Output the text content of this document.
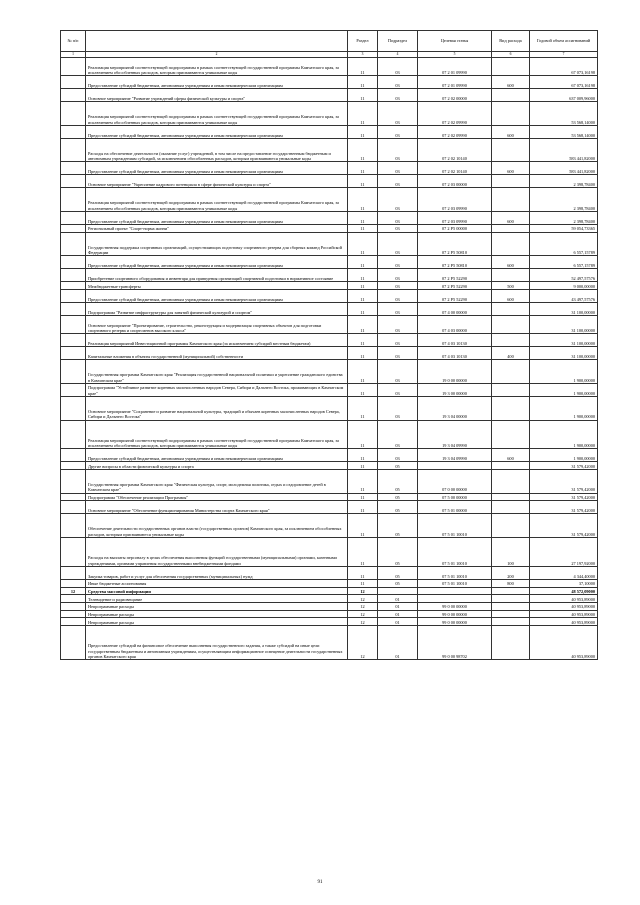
№ п/п		Раздел	Подраздел	Целевая статья	Вид расхода	Годовой объем ассигнований
1	2	3	4	5	6	7
	Реализация мероприятий соответствующей подпрограммы в рамках соответствующей государственной программы Камчатского края, за исключением обособленных расходов, которым присваиваются уникальные коды	11	03	07 2 01 09990		67 073,16198
	Предоставление субсидий бюджетным, автономным учреждениям и иным некоммерческим организациям	11	03	07 2 01 09990	600	67 073,16198
	Основное мероприятие "Развитие учреждений сферы физической культуры и спорта"	11	03	07 2 02 00000		637 009,96000
	Реализация мероприятий соответствующей подпрограммы в рамках соответствующей государственной программы Камчатского края, за исключением обособленных расходов, которым присваиваются уникальные коды	11	03	07 2 02 09990		53 568,14000
	Предоставление субсидий бюджетным, автономным учреждениям и иным некоммерческим организациям	11	03	07 2 02 09990	600	53 568,14000
	Расходы на обеспечение деятельности (оказание услуг) учреждений, в том числе на предоставление государственным бюджетным и автономным учреждениям субсидий, за исключением обособленных расходов, которым присваиваются уникальные коды	11	03	07 2 02 10140		583 441,82000
	Предоставление субсидий бюджетным, автономным учреждениям и иным некоммерческим организациям	11	03	07 2 02 10140	600	583 441,82000
	Основное мероприятие "Укрепление кадрового потенциала в сфере физической культуры и спорта"	11	03	07 2 03 00000		2 398,78400
	Реализация мероприятий соответствующей подпрограммы в рамках соответствующей государственной программы Камчатского края, за исключением обособленных расходов, которым присваиваются уникальные коды	11	03	07 2 03 09990		2 398,78400
	Предоставление субсидий бюджетным, автономным учреждениям и иным некоммерческим организациям	11	03	07 2 03 09990	600	2 398,78400
	Региональный проект "Спорт-норма жизни"	11	03	07 2 P5 00000		59 054,73365
	Государственная поддержка спортивных организаций, осуществляющих подготовку спортивного резерва для сборных команд Российской Федерации	11	03	07 2 P5 50810		6 557,15789
	Предоставление субсидий бюджетным, автономным учреждениям и иным некоммерческим организациям	11	03	07 2 P5 50810	600	6 557,15789
	Приобретение спортивного оборудования и инвентаря для приведения организаций спортивной подготовки в нормативное состояние	11	03	07 2 P5 52290		52 497,57576
	Межбюджетные трансферты	11	03	07 2 P5 52290	500	9 000,00000
	Предоставление субсидий бюджетным, автономным учреждениям и иным некоммерческим организациям	11	03	07 2 P5 52290	600	43 497,57576
	Подпрограмма "Развитие инфраструктуры для занятий физической культурой и спортом"	11	03	07 4 00 00000		31 100,00000
	Основное мероприятие "Проектирование, строительство, реконструкция и модернизация спортивных объектов для подготовки спортивного резерва и спортсменов высокого класса"	11	03	07 4 03 00000		31 100,00000
	Реализация мероприятий Инвестиционной программы Камчатского края (за исключением субсидий местным бюджетам)	11	03	07 4 03 10130		31 100,00000
	Капитальные вложения в объекты государственной (муниципальной) собственности	11	03	07 4 03 10130	400	31 100,00000
	Государственная программа Камчатского края "Реализация государственной национальной политики и укрепление гражданского единства в Камчатском крае"	11	03	19 0 00 00000		1 900,00000
	Подпрограмма "Устойчивое развитие коренных малочисленных народов Севера, Сибири и Дальнего Востока, проживающих в Камчатском крае"	11	03	19 3 00 00000		1 900,00000
	Основное мероприятие "Сохранение и развитие национальной культуры, традиций и обычаев коренных малочисленных народов Севера, Сибири и Дальнего Востока"	11	03	19 3 04 00000		1 900,00000
	Реализация мероприятий соответствующей подпрограммы в рамках соответствующей государственной программы Камчатского края, за исключением обособленных расходов, которым присваиваются уникальные коды	11	03	19 3 04 09990		1 900,00000
	Предоставление субсидий бюджетным, автономным учреждениям и иным некоммерческим организациям	11	03	19 3 04 09990	600	1 900,00000
	Другие вопросы в области физической культуры и спорта	11	05			31 579,42000
	Государственная программа Камчатского края "Физическая культура, спорт, молодежная политика, отдых и оздоровление детей в Камчатском крае"	11	05	07 0 00 00000		31 579,42000
	Подпрограмма "Обеспечение реализации Программы"	11	05	07 5 00 00000		31 579,42000
	Основное мероприятие "Обеспечение функционирования Министерства спорта Камчатского края"	11	05	07 5 01 00000		31 579,42000
	Обеспечение деятельности государственных органов власти (государственных органов) Камчатского края, за исключением обособленных расходов, которым присваиваются уникальные коды	11	05	07 5 01 10010		31 579,42000
	Расходы на выплаты персоналу в целях обеспечения выполнения функций государственными (муниципальными) органами, казенными учреждениями, органами управления государственными внебюджетными фондами	11	05	07 5 01 10010	100	27 197,92000
	Закупка товаров, работ и услуг для обеспечения государственных (муниципальных) нужд	11	05	07 5 01 10010	200	4 344,40000
	Иные бюджетные ассигнования	11	05	07 5 01 10010	800	37,10000
12	Средства массовой информации	12				48 572,09000
	Телевидение и радиовещание	12	01			40 953,89000
	Непрограммные расходы	12	01	99 0 00 00000		40 953,89000
	Непрограммные расходы	12	01	99 0 00 00000		40 953,89000
	Непрограммные расходы	12	01	99 0 00 00000		40 953,89000
	Предоставление субсидий на финансовое обеспечение выполнения государственного задания, а также субсидий на иные цели государственным бюджетным и автономным учреждениям, осуществляющим информационное освещение деятельности государственных органов Камчатского края	12	01	99 0 00 98702		40 953,89000
91
